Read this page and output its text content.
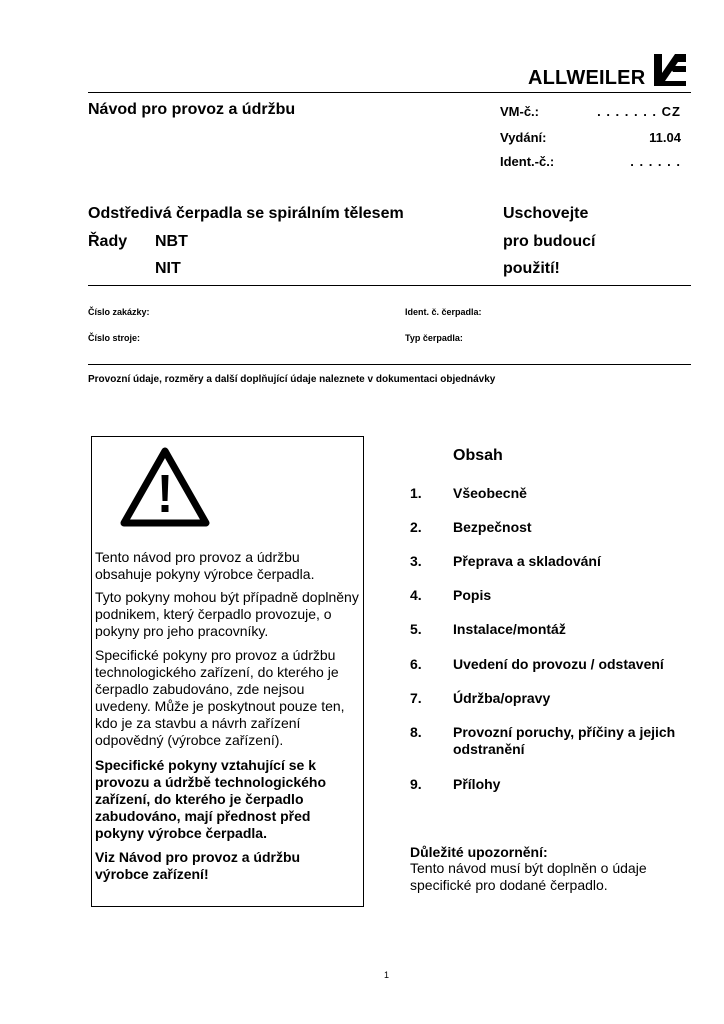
ALLWEILER
Návod pro provoz a údržbu	VM-č.:	. . . . . . . CZ
Vydání:	11.04
Ident.-č.:	. . . . . .
Odstředivá čerpadla se spirálním tělesem
Řady NBT
NIT
Uschovejte
pro budoucí
použití!
Číslo zakázky:	Ident. č. čerpadla:
Číslo stroje:	Typ čerpadla:
Provozní údaje, rozměry a další doplňující údaje naleznete v dokumentaci objednávky
Tento návod pro provoz a údržbu obsahuje pokyny výrobce čerpadla.
Tyto pokyny mohou být případně doplněny podnikem, který čerpadlo provozuje, o pokyny pro jeho pracovníky.
Specifické pokyny pro provoz a údržbu technologického zařízení, do kterého je čerpadlo zabudováno, zde nejsou uvedeny. Může je poskytnout pouze ten, kdo je za stavbu a návrh zařízení odpovědný (výrobce zařízení).
Specifické pokyny vztahující se k provozu a údržbě technologického zařízení, do kterého je čerpadlo zabudováno, mají přednost před pokyny výrobce čerpadla.
Viz Návod pro provoz a údržbu výrobce zařízení!
Obsah
1. Všeobecně
2. Bezpečnost
3. Přeprava a skladování
4. Popis
5. Instalace/montáž
6. Uvedení do provozu / odstavení
7. Údržba/opravy
8. Provozní poruchy, příčiny a jejich odstranění
9. Přílohy
Důležité upozornění:
Tento návod musí být doplněn o údaje specifické pro dodané čerpadlo.
1
